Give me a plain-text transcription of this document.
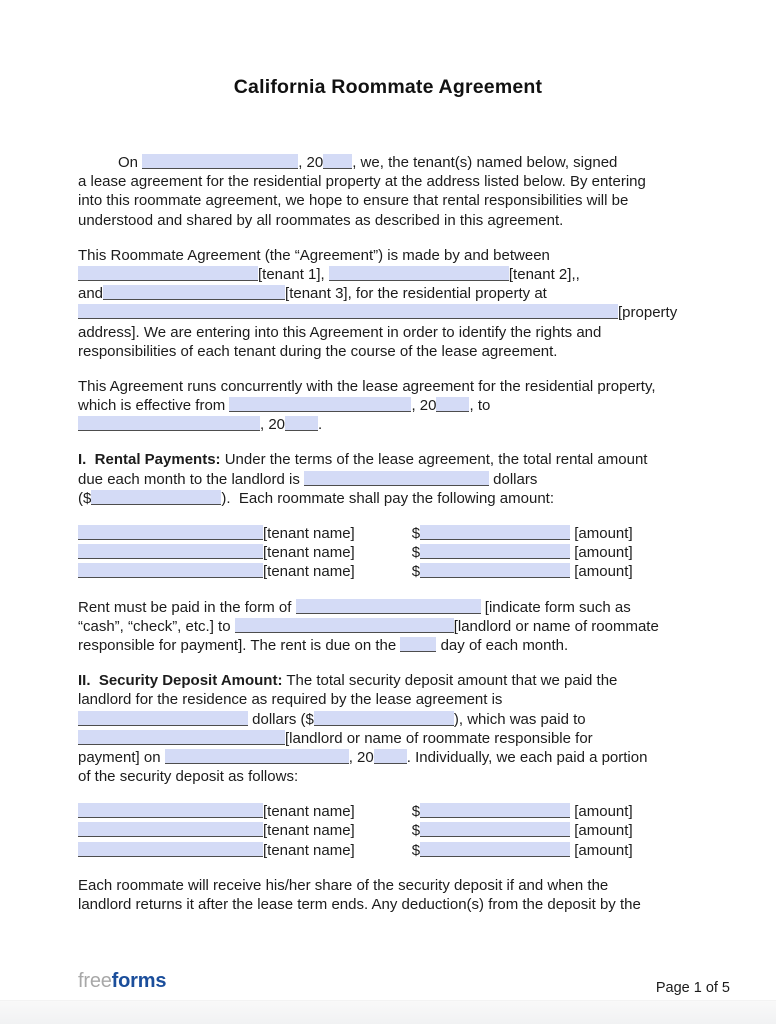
California Roommate Agreement
On	, 20 , we, the tenant(s) named below, signed
a lease agreement for the residential property at the address listed below. By entering
into this roommate agreement, we hope to ensure that rental responsibilities will be
understood and shared by all roommates as described in this agreement.
This Roommate Agreement (the “Agreement”) is made by and between
[tenant 1],	[tenant 2],,
and	[tenant 3], for the residential property at
[property
address]. We are entering into this Agreement in order to identify the rights and
responsibilities of each tenant during the course of the lease agreement.
This Agreement runs concurrently with the lease agreement for the residential property,
which is effective from	, 20 , to
, 20 .
I.  Rental Payments: Under the terms of the lease agreement, the total rental amount
due each month to the landlord is	dollars
($	).  Each roommate shall pay the following amount:
[tenant name]	$	[amount]
[tenant name]	$	[amount]
[tenant name]	$	[amount]
Rent must be paid in the form of	[indicate form such as
“cash”, “check”, etc.] to	[landlord or name of roommate
responsible for payment]. The rent is due on the  day of each month.
II.  Security Deposit Amount: The total security deposit amount that we paid the
landlord for the residence as required by the lease agreement is
dollars ($	), which was paid to
[landlord or name of roommate responsible for
payment] on	, 20 . Individually, we each paid a portion
of the security deposit as follows:
[tenant name]	$	[amount]
[tenant name]	$	[amount]
[tenant name]	$	[amount]
Each roommate will receive his/her share of the security deposit if and when the
landlord returns it after the lease term ends. Any deduction(s) from the deposit by the
freeforms	Page 1 of 5
